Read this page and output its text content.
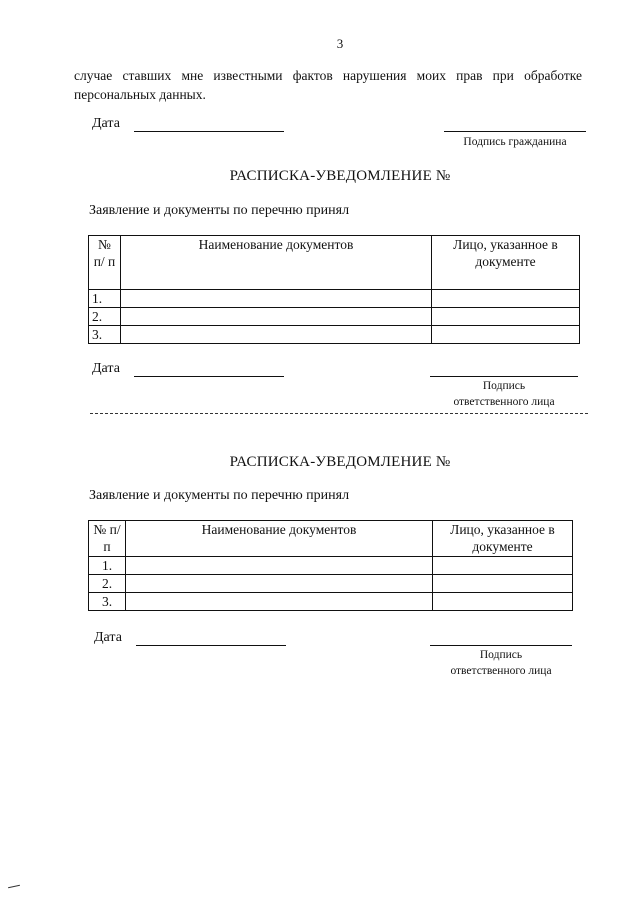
3
случае ставших мне известными фактов нарушения моих прав при обработке персональных данных.
Дата
Подпись гражданина
РАСПИСКА-УВЕДОМЛЕНИЕ №
Заявление и документы по перечню принял
№ п/ п	Наименование документов	Лицо, указанное в документе
1.		
2.		
3.		
Дата
Подпись
ответственного лица
РАСПИСКА-УВЕДОМЛЕНИЕ №
Заявление и документы по перечню принял
№ п/п	Наименование документов	Лицо, указанное в документе
1.		
2.		
3.		
Дата
Подпись
ответственного лица
